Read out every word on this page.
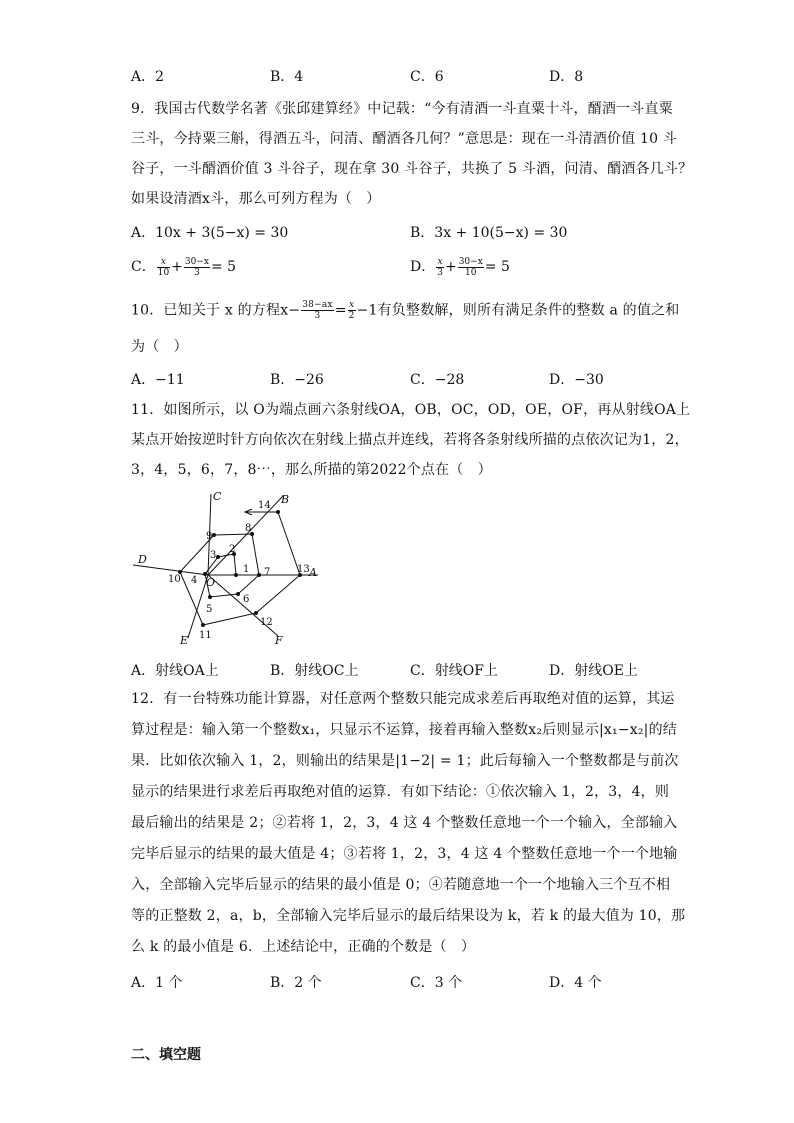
A．2	B．4	C．6	D．8
9．我国古代数学名著《张邱建算经》中记载：“今有清酒一斗直粟十斗，醑酒一斗直粟
三斗，今持粟三斛，得酒五斗，问清、醑酒各几何？”意思是：现在一斗清酒价值 10 斗
谷子，一斗醑酒价值 3 斗谷子，现在拿 30 斗谷子，共换了 5 斗酒，问清、醑酒各几斗？
如果设清酒x斗，那么可列方程为（　）
A．10x + 3(5−x) = 30	B．3x + 10(5−x) = 30
C． $\frac{x}{10} + \frac{30-x}{3} = 5$	D． $\frac{x}{3} + \frac{30-x}{10} = 5$
10．已知关于 x 的方程$x- \frac{38-ax}{3} = \frac{x}{2} -1$有负整数解，则所有满足条件的整数 a 的值之和
为（　）
A．−11	B．−26	C．−28	D．−30
11．如图所示，以 O为端点画六条射线OA，OB，OC，OD，OE，OF，再从射线OA上
某点开始按逆时针方向依次在射线上描点并连线，若将各条射线所描的点依次记为1，2，
3，4，5，6，7，8⋯，那么所描的第2022个点在（　）
1
2
3
4
5
6
7
8
9
10
11
12
13
14
A
B
C
D
E	F
O
A．射线OA上	B．射线OC上	C．射线OF上	D．射线OE上
12．有一台特殊功能计算器，对任意两个整数只能完成求差后再取绝对值的运算，其运
算过程是：输入第一个整数x₁，只显示不运算，接着再输入整数x₂后则显示|x₁−x₂|的结
果．比如依次输入 1，2，则输出的结果是|1−2| = 1；此后每输入一个整数都是与前次
显示的结果进行求差后再取绝对值的运算．有如下结论：①依次输入 1，2，3，4，则
最后输出的结果是 2；②若将 1，2，3，4 这 4 个整数任意地一个一个输入，全部输入
完毕后显示的结果的最大值是 4；③若将 1，2，3，4 这 4 个整数任意地一个一个地输
入，全部输入完毕后显示的结果的最小值是 0；④若随意地一个一个地输入三个互不相
等的正整数 2，a，b，全部输入完毕后显示的最后结果设为 k，若 k 的最大值为 10，那
么 k 的最小值是 6．上述结论中，正确的个数是（　）
A．1 个	B．2 个	C．3 个	D．4 个
二、填空题
